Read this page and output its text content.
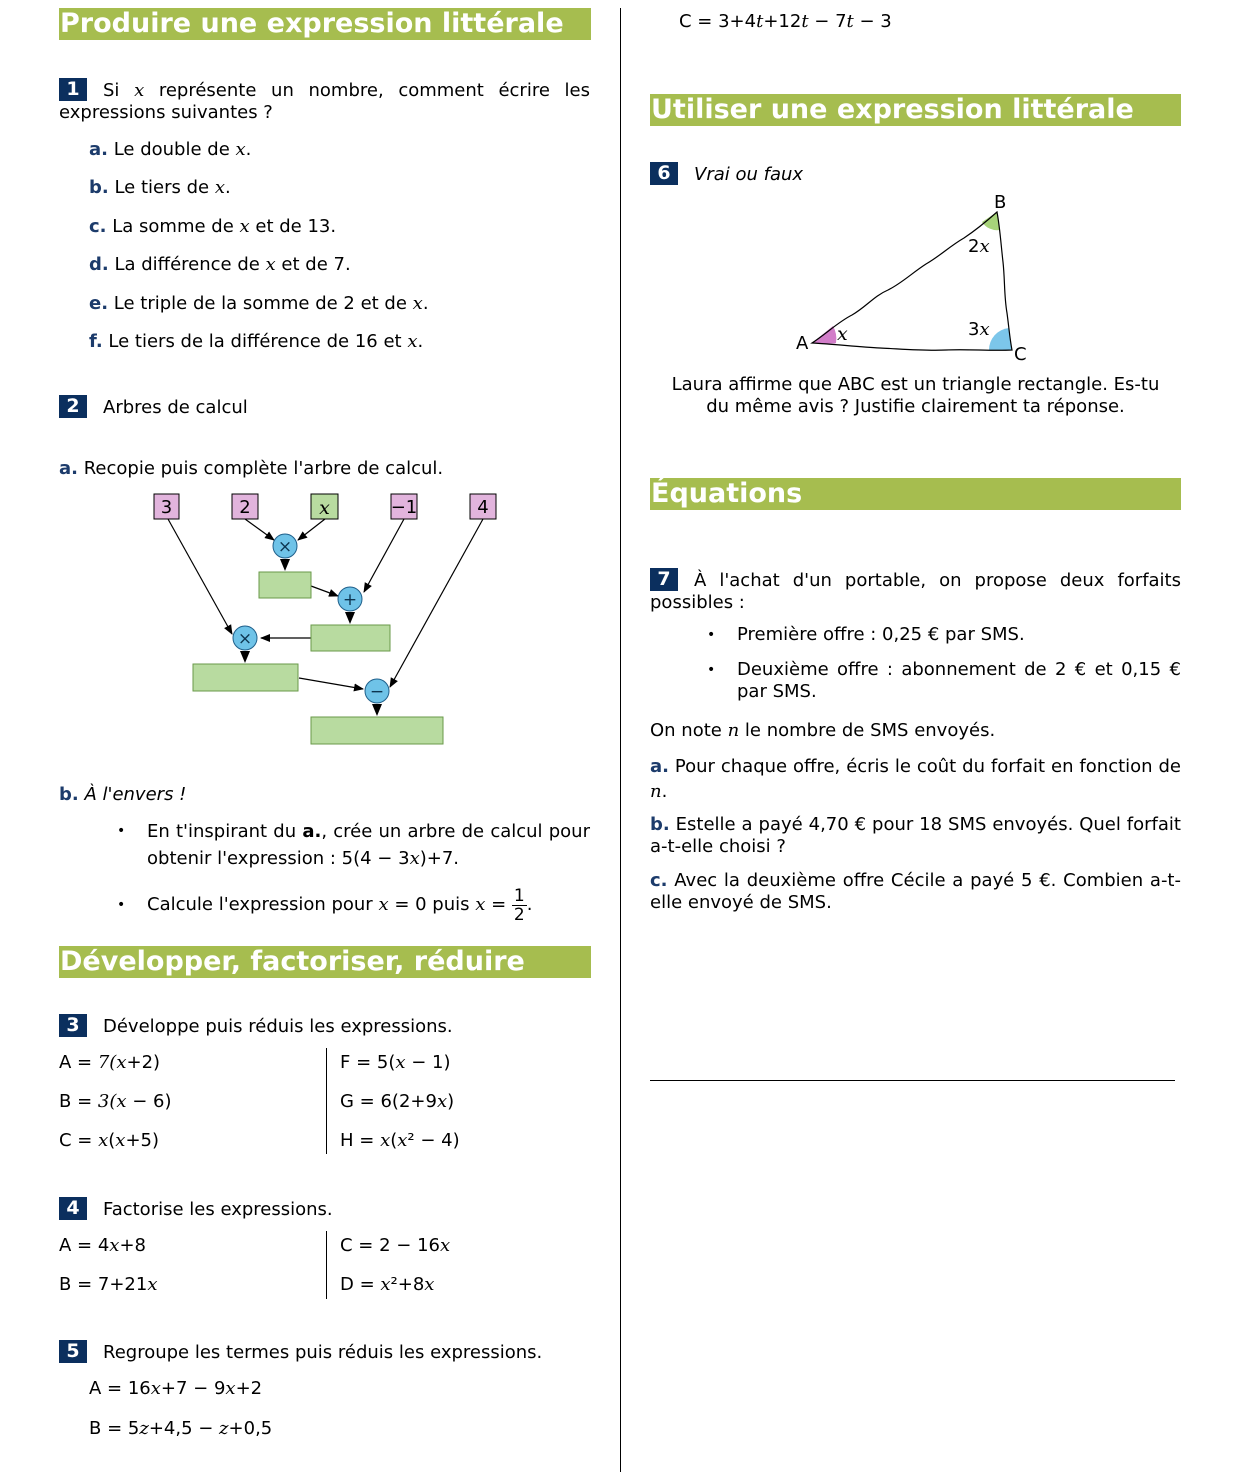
Produire une expression littérale
1 Si x représente un nombre, comment écrire les expressions suivantes ?
a. Le double de x.
b. Le tiers de x.
c. La somme de x et de 13.
d. La différence de x et de 7.
e. Le triple de la somme de 2 et de x.
f. Le tiers de la différence de 16 et x.
2 Arbres de calcul
a. Recopie puis complète l'arbre de calcul.
3	2	x	−1	4
×
+
×
−
b. À l'envers !
•	En t'inspirant du a., crée un arbre de calcul pour obtenir l'expression : 5(4 − 3x)+7.
•	Calcule l'expression pour x = 0 puis $x = \frac{1}{2}$ .
Développer, factoriser, réduire
3 Développe puis réduis les expressions.
A = 7(x+2)
B = 3(x − 6)
C = x(x+5)
F = 5(x − 1)
G = 6(2+9x)
H = x(x² − 4)
4 Factorise les expressions.
A = 4x+8
B = 7+21x
C = 2 − 16x
D = x²+8x
5 Regroupe les termes puis réduis les expressions.
A = 16x+7 − 9x+2
B = 5z+4,5 − z+0,5
C = 3+4t+12t − 7t − 3
Utiliser une expression littérale
6 Vrai ou faux
A
B
C
x
2x
3x
Laura affirme que ABC est un triangle rectangle. Es-tu
du même avis ? Justifie clairement ta réponse.
Équations
7 À l'achat d'un portable, on propose deux forfaits possibles :
•	Première offre : 0,25 € par SMS.
•	Deuxième offre : abonnement de 2 € et 0,15 € par SMS.
On note n le nombre de SMS envoyés.
a. Pour chaque offre, écris le coût du forfait en fonction de n.
b. Estelle a payé 4,70 € pour 18 SMS envoyés. Quel forfait a-t-elle choisi ?
c. Avec la deuxième offre Cécile a payé 5 €. Combien a-t-elle envoyé de SMS.
